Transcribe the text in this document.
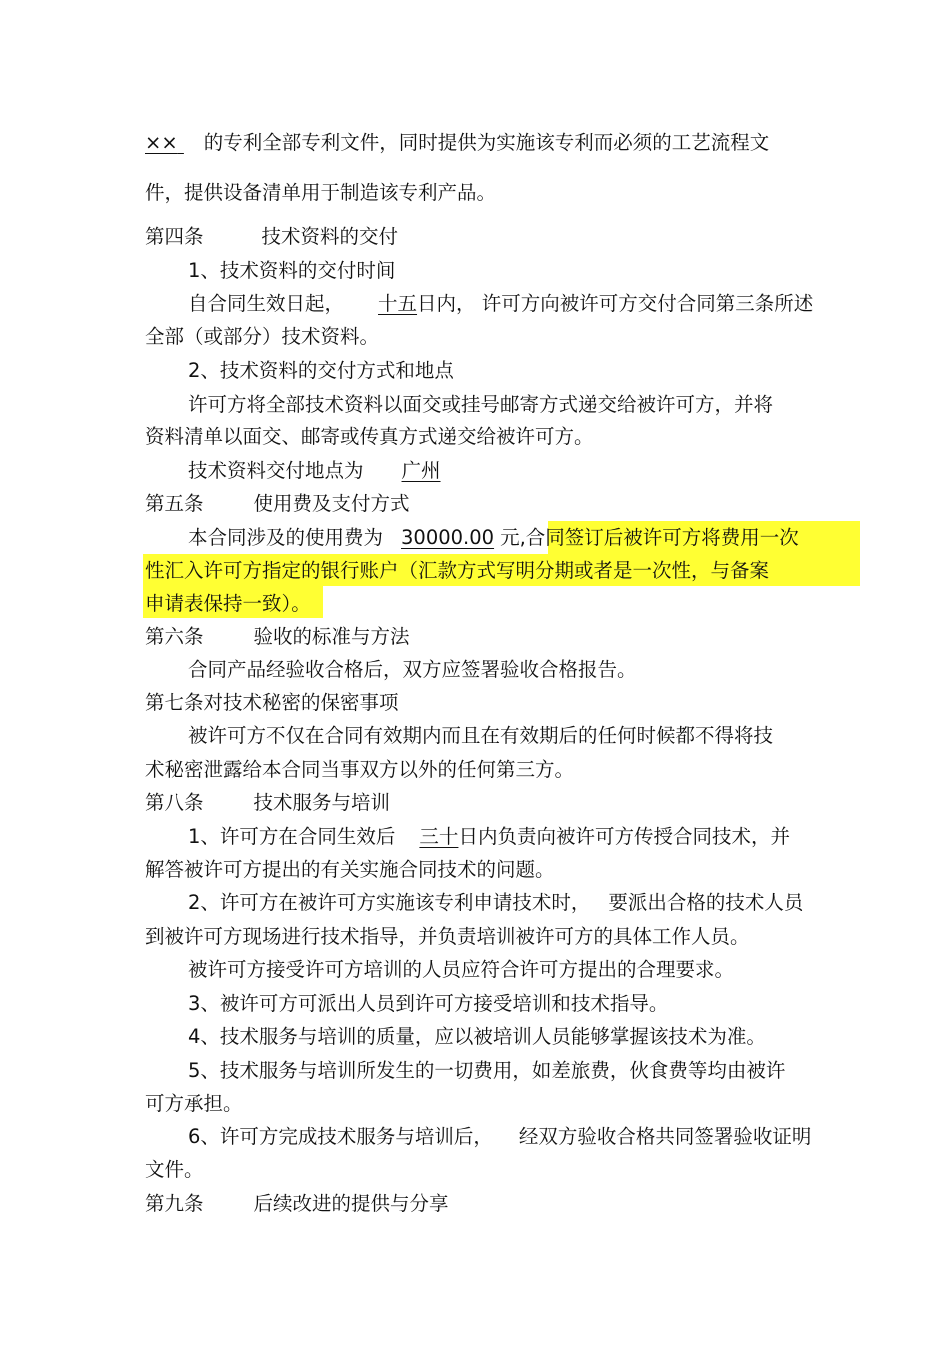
×× 的专利全部专利文件，同时提供为实施该专利而必须的工艺流程文
件，提供设备清单用于制造该专利产品。
第四条	技术资料的交付
1、技术资料的交付时间
自合同生效日起， 十五日内， 许可方向被许可方交付合同第三条所述
全部（或部分）技术资料。
2、技术资料的交付方式和地点
许可方将全部技术资料以面交或挂号邮寄方式递交给被许可方，并将
资料清单以面交、邮寄或传真方式递交给被许可方。
技术资料交付地点为 广州
第五条	使用费及支付方式
本合同涉及的使用费为 30000.00 元,合同签订后被许可方将费用一次
性汇入许可方指定的银行账户（汇款方式写明分期或者是一次性，与备案
申请表保持一致）。
第六条	验收的标准与方法
合同产品经验收合格后，双方应签署验收合格报告。
第七条对技术秘密的保密事项
被许可方不仅在合同有效期内而且在有效期后的任何时候都不得将技
术秘密泄露给本合同当事双方以外的任何第三方。
第八条	技术服务与培训
1、许可方在合同生效后 三十日内负责向被许可方传授合同技术，并
解答被许可方提出的有关实施合同技术的问题。
2、许可方在被许可方实施该专利申请技术时， 要派出合格的技术人员
到被许可方现场进行技术指导，并负责培训被许可方的具体工作人员。
被许可方接受许可方培训的人员应符合许可方提出的合理要求。
3、被许可方可派出人员到许可方接受培训和技术指导。
4、技术服务与培训的质量，应以被培训人员能够掌握该技术为准。
5、技术服务与培训所发生的一切费用，如差旅费，伙食费等均由被许
可方承担。
6、许可方完成技术服务与培训后， 经双方验收合格共同签署验收证明
文件。
第九条	后续改进的提供与分享
